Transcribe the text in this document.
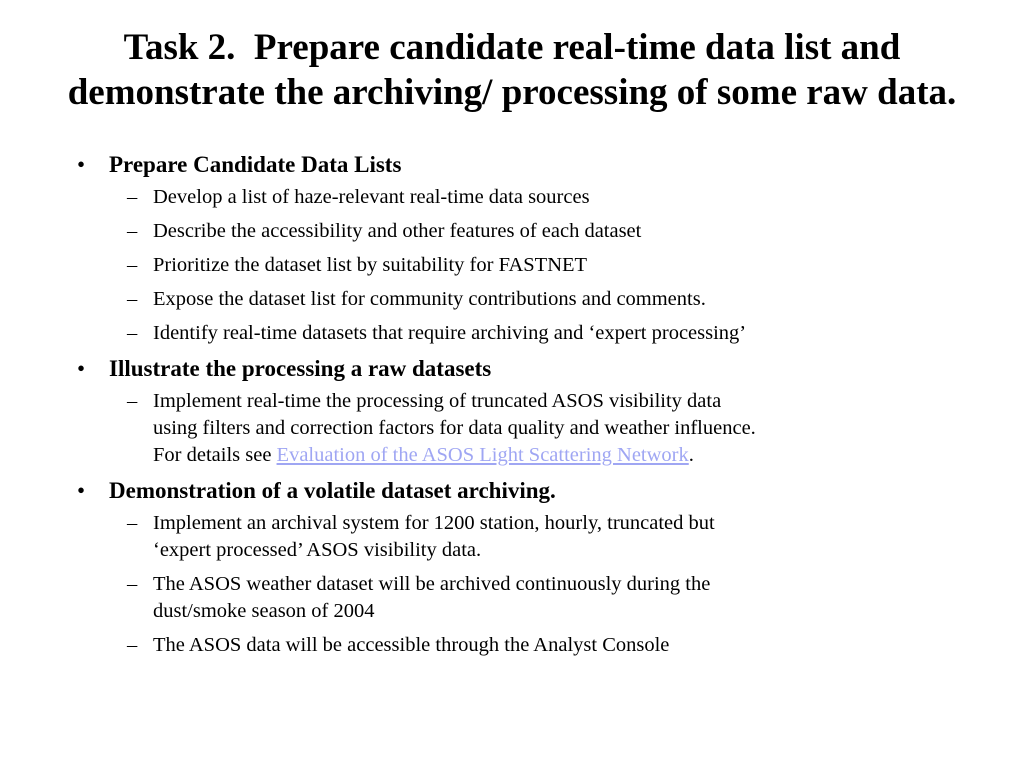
Task 2.  Prepare candidate real-time data list and
demonstrate the archiving/ processing of some raw data.
• Prepare Candidate Data Lists
– Develop a list of haze-relevant real-time data sources
– Describe the accessibility and other features of each dataset
– Prioritize the dataset list by suitability for FASTNET
– Expose the dataset list for community contributions and comments.
– Identify real-time datasets that require archiving and ‘expert processing’
• Illustrate the processing a raw datasets
– Implement real-time the processing of truncated ASOS visibility data
using filters and correction factors for data quality and weather influence.
For details see Evaluation of the ASOS Light Scattering Network.
• Demonstration of a volatile dataset archiving.
– Implement an archival system for 1200 station, hourly, truncated but
‘expert processed’ ASOS visibility data.
– The ASOS weather dataset will be archived continuously during the
dust/smoke season of 2004
– The ASOS data will be accessible through the Analyst Console
